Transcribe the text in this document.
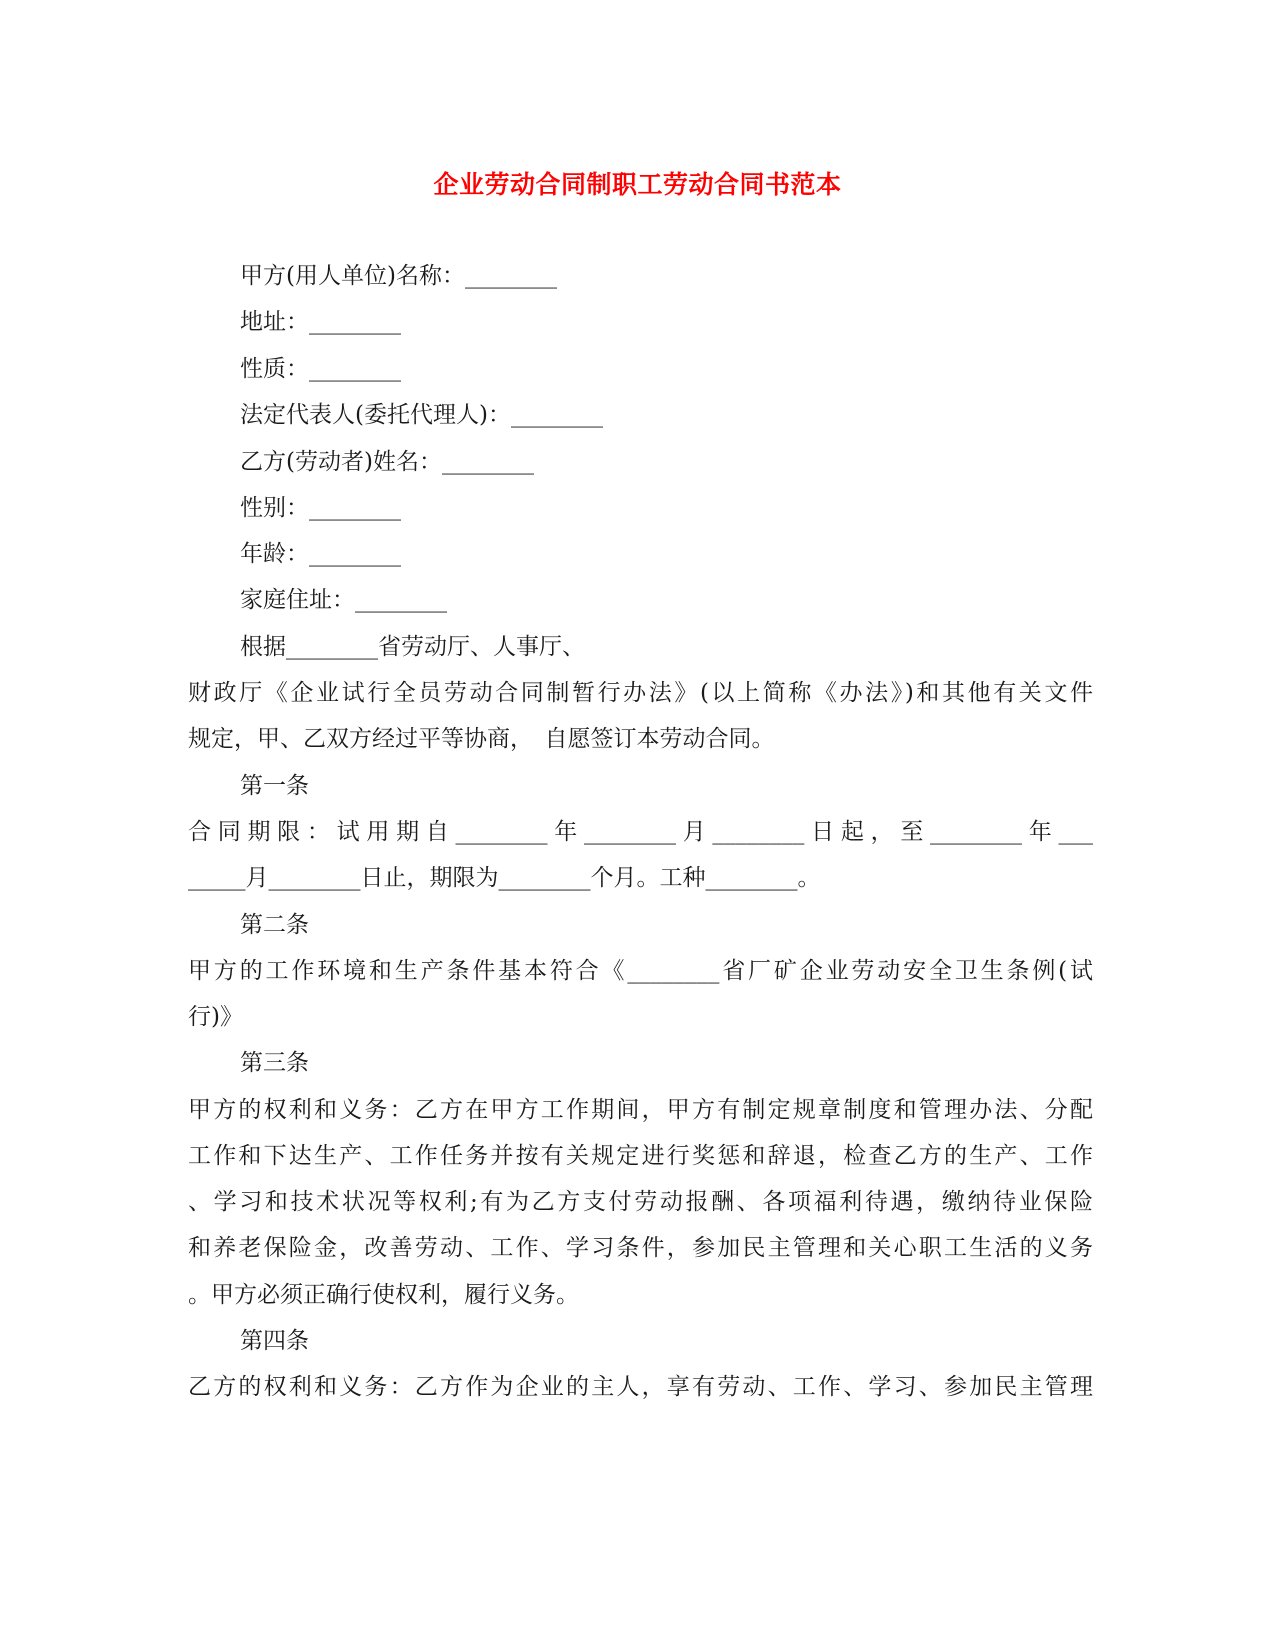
企业劳动合同制职工劳动合同书范本
甲方(用人单位)名称：________
地址：________
性质：________
法定代表人(委托代理人)：________
乙方(劳动者)姓名：________
性别：________
年龄：________
家庭住址：________
根据________省劳动厅、人事厅、
财政厅《企业试行全员劳动合同制暂行办法》(以上简称《办法》)和其他有关文件
规定，甲、乙双方经过平等协商，　自愿签订本劳动合同。
第一条
合同期限：试用期自________年________月________日起，至________年___
_____月________日止，期限为________个月。工种________。
第二条
甲方的工作环境和生产条件基本符合《________省厂矿企业劳动安全卫生条例(试
行)》
第三条
甲方的权利和义务：乙方在甲方工作期间，甲方有制定规章制度和管理办法、分配
工作和下达生产、工作任务并按有关规定进行奖惩和辞退，检查乙方的生产、工作
、学习和技术状况等权利;有为乙方支付劳动报酬、各项福利待遇，缴纳待业保险
和养老保险金，改善劳动、工作、学习条件，参加民主管理和关心职工生活的义务
。甲方必须正确行使权利，履行义务。
第四条
乙方的权利和义务：乙方作为企业的主人，享有劳动、工作、学习、参加民主管理
